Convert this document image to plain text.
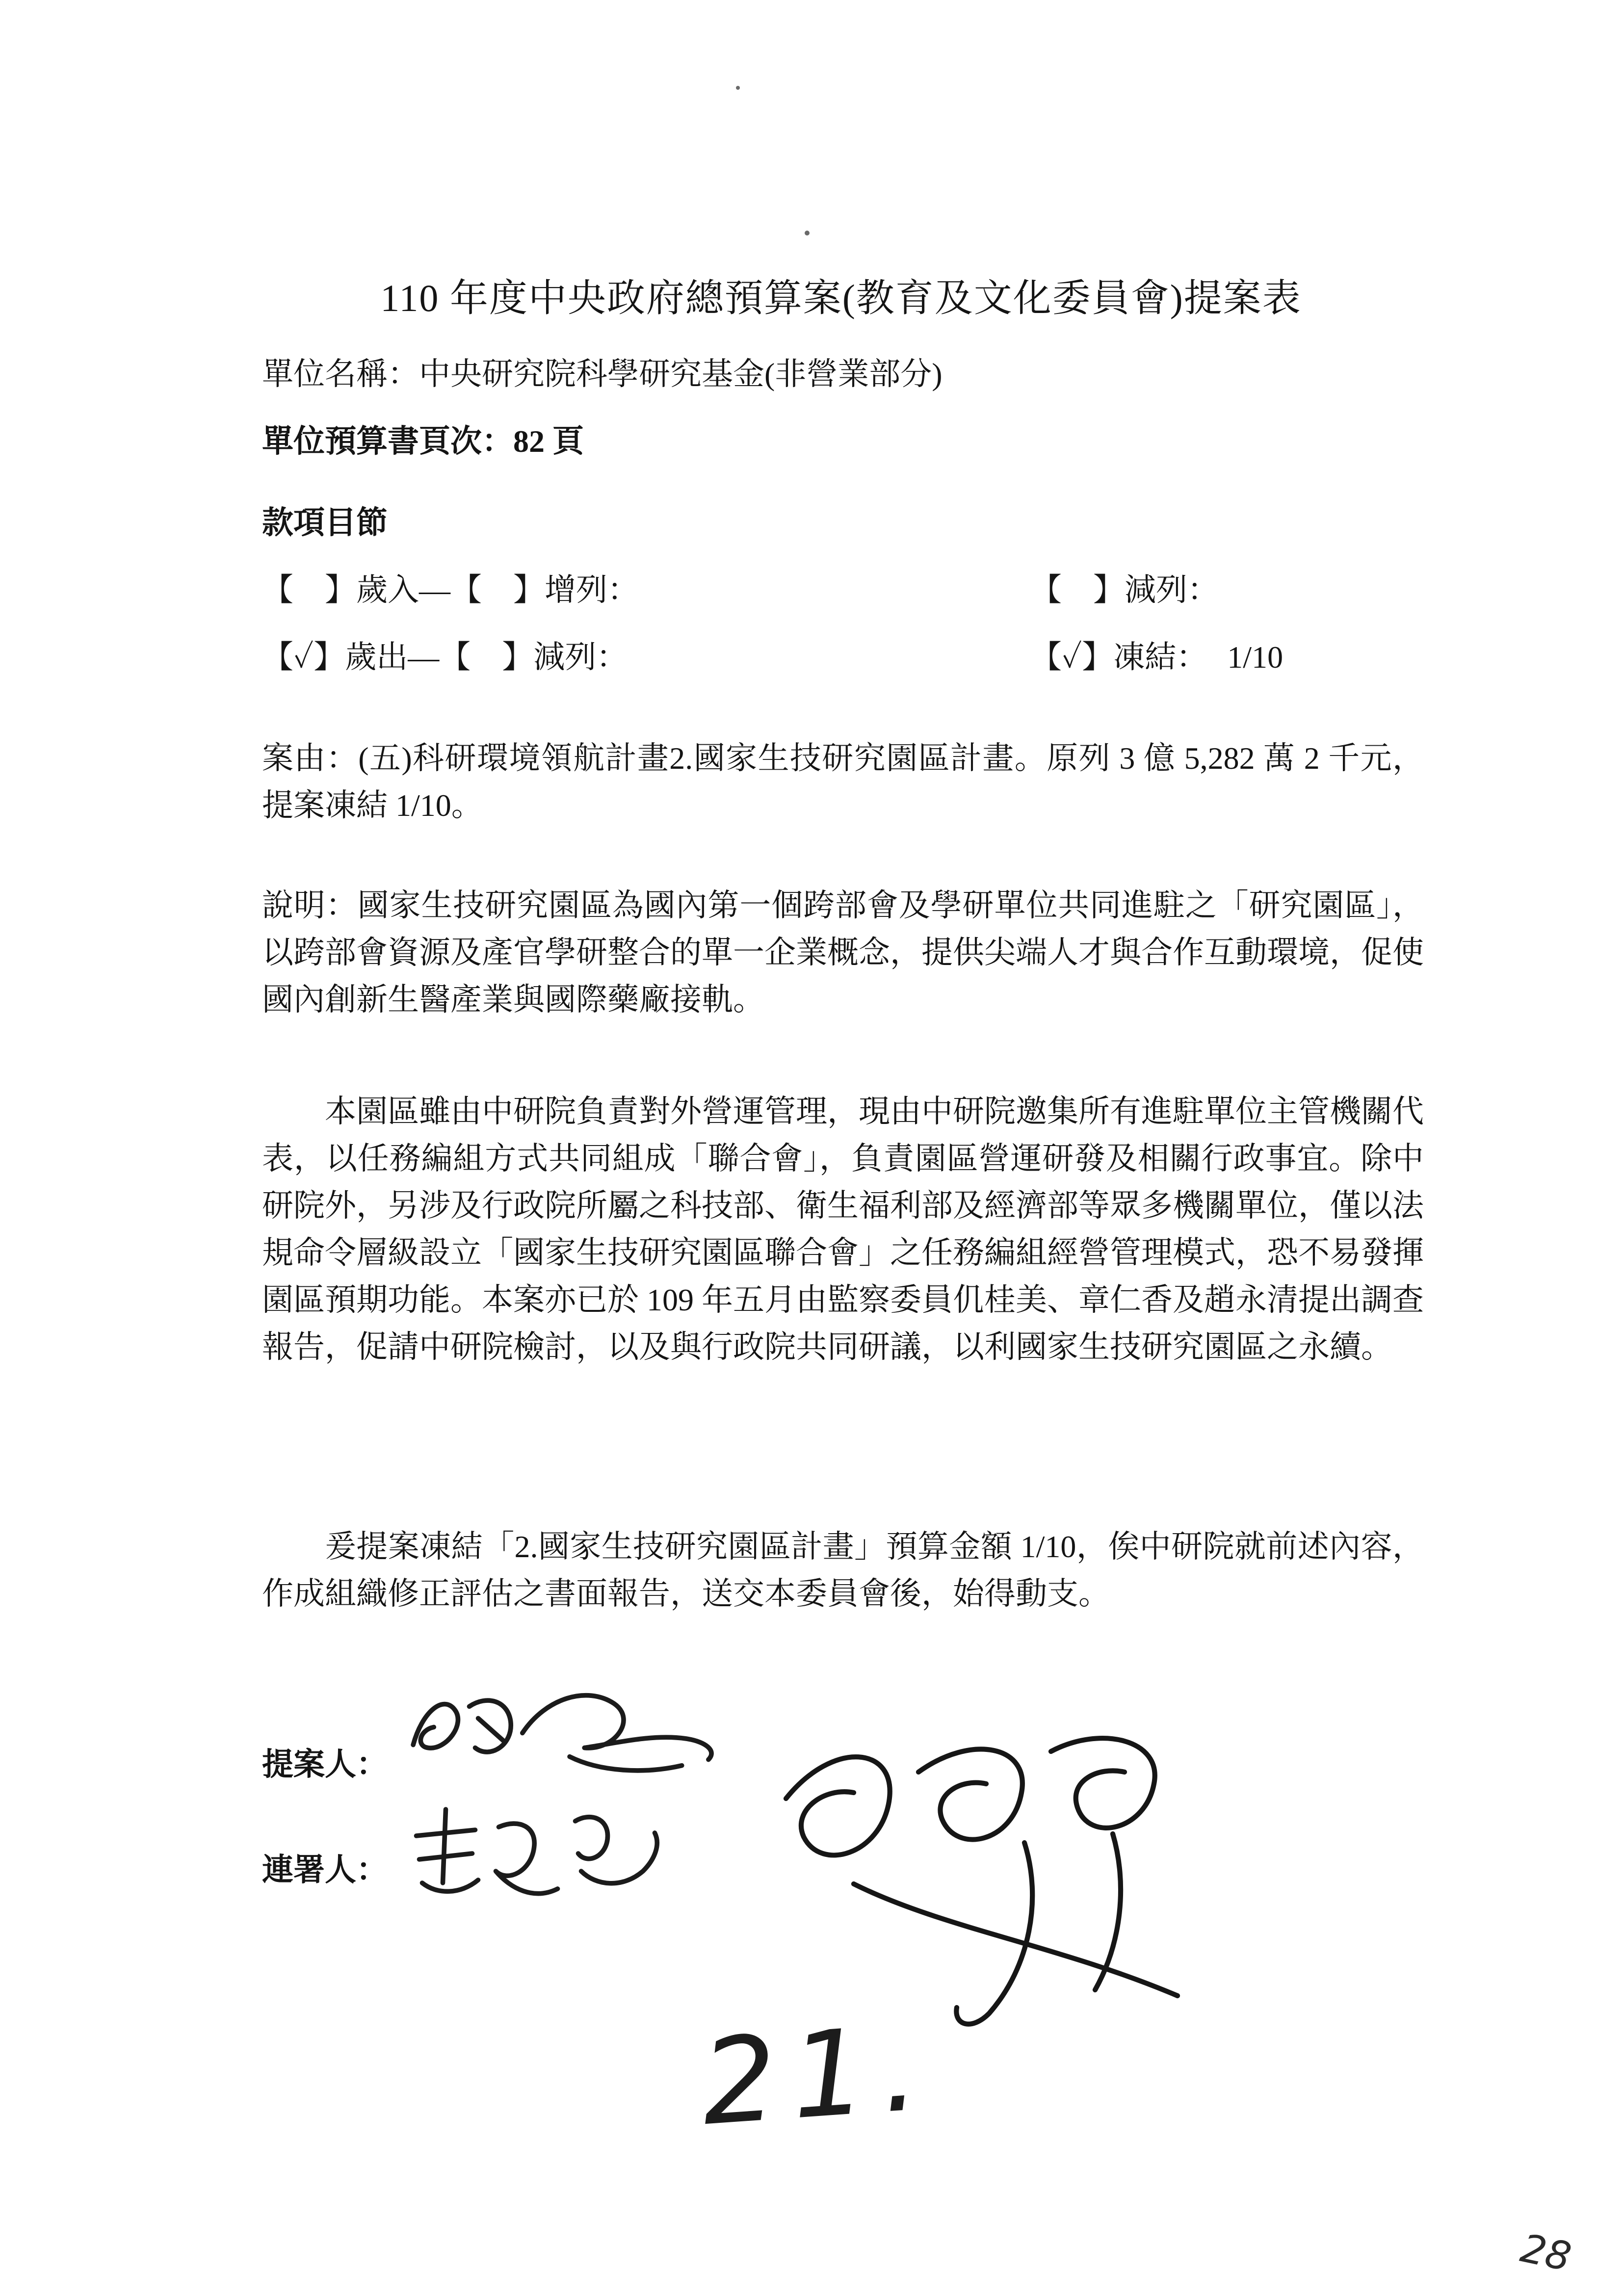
110 年度中央政府總預算案(教育及文化委員會)提案表
單位名稱：中央研究院科學研究基金(非營業部分)
單位預算書頁次：82 頁
款項目節
【　】歲入—【　】增列：	【　】減列：
【✓】歲出—【　】減列：	【✓】凍結： 1/10
案由：(五)科研環境領航計畫2.國家生技研究園區計畫。原列 3 億 5,282 萬 2 千元，提案凍結 1/10。
說明：國家生技研究園區為國內第一個跨部會及學研單位共同進駐之「研究園區」，以跨部會資源及產官學研整合的單一企業概念，提供尖端人才與合作互動環境，促使國內創新生醫產業與國際藥廠接軌。
本園區雖由中研院負責對外營運管理，現由中研院邀集所有進駐單位主管機關代表，以任務編組方式共同組成「聯合會」，負責園區營運研發及相關行政事宜。除中研院外，另涉及行政院所屬之科技部、衛生福利部及經濟部等眾多機關單位，僅以法規命令層級設立「國家生技研究園區聯合會」之任務編組經營管理模式，恐不易發揮園區預期功能。本案亦已於 109 年五月由監察委員仉桂美、章仁香及趙永清提出調查報告，促請中研院檢討，以及與行政院共同研議，以利國家生技研究園區之永續。
爰提案凍結「2.國家生技研究園區計畫」預算金額 1/10，俟中研院就前述內容，作成組織修正評估之書面報告，送交本委員會後，始得動支。
提案人：
連署人：
21.
28
